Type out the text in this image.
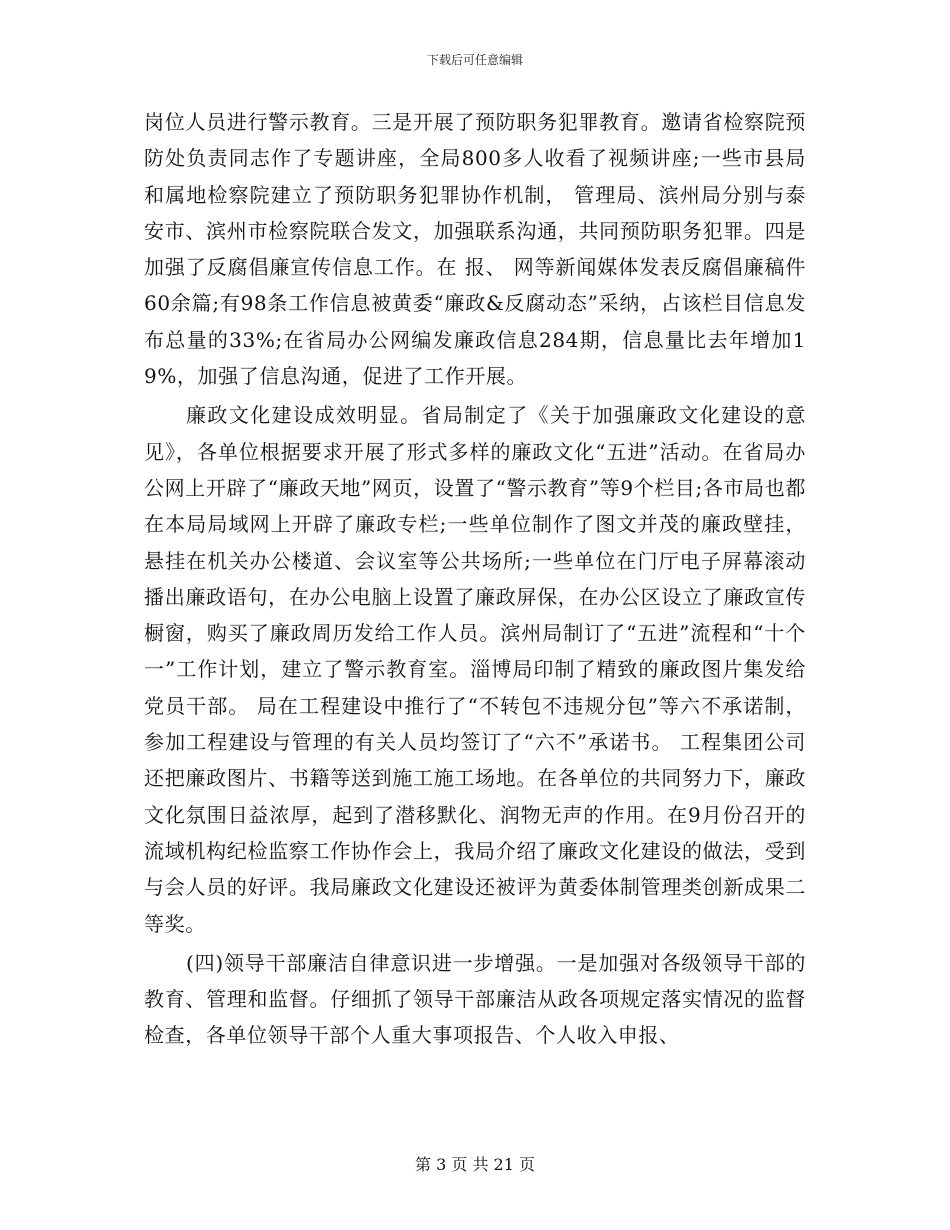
下载后可任意编辑

岗位人员进行警示教育。三是开展了预防职务犯罪教育。邀请省检察院预防处负责同志作了专题讲座，全局800多人收看了视频讲座;一些市县局和属地检察院建立了预防职务犯罪协作机制， 管理局、滨州局分别与泰安市、滨州市检察院联合发文，加强联系沟通，共同预防职务犯罪。四是加强了反腐倡廉宣传信息工作。在 报、 网等新闻媒体发表反腐倡廉稿件60余篇;有98条工作信息被黄委“廉政&反腐动态”采纳，占该栏目信息发布总量的33%;在省局办公网编发廉政信息284期，信息量比去年增加19%，加强了信息沟通，促进了工作开展。

廉政文化建设成效明显。省局制定了《关于加强廉政文化建设的意见》，各单位根据要求开展了形式多样的廉政文化“五进”活动。在省局办公网上开辟了“廉政天地”网页，设置了“警示教育”等9个栏目;各市局也都在本局局域网上开辟了廉政专栏;一些单位制作了图文并茂的廉政壁挂，悬挂在机关办公楼道、会议室等公共场所;一些单位在门厅电子屏幕滚动播出廉政语句，在办公电脑上设置了廉政屏保，在办公区设立了廉政宣传橱窗，购买了廉政周历发给工作人员。滨州局制订了“五进”流程和“十个一”工作计划，建立了警示教育室。淄博局印制了精致的廉政图片集发给党员干部。 局在工程建设中推行了“不转包不违规分包”等六不承诺制，参加工程建设与管理的有关人员均签订了“六不”承诺书。 工程集团公司还把廉政图片、书籍等送到施工施工场地。在各单位的共同努力下，廉政文化氛围日益浓厚，起到了潜移默化、润物无声的作用。在9月份召开的流域机构纪检监察工作协作会上，我局介绍了廉政文化建设的做法，受到与会人员的好评。我局廉政文化建设还被评为黄委体制管理类创新成果二等奖。

(四)领导干部廉洁自律意识进一步增强。一是加强对各级领导干部的教育、管理和监督。仔细抓了领导干部廉洁从政各项规定落实情况的监督检查，各单位领导干部个人重大事项报告、个人收入申报、

第 3 页 共 21 页
